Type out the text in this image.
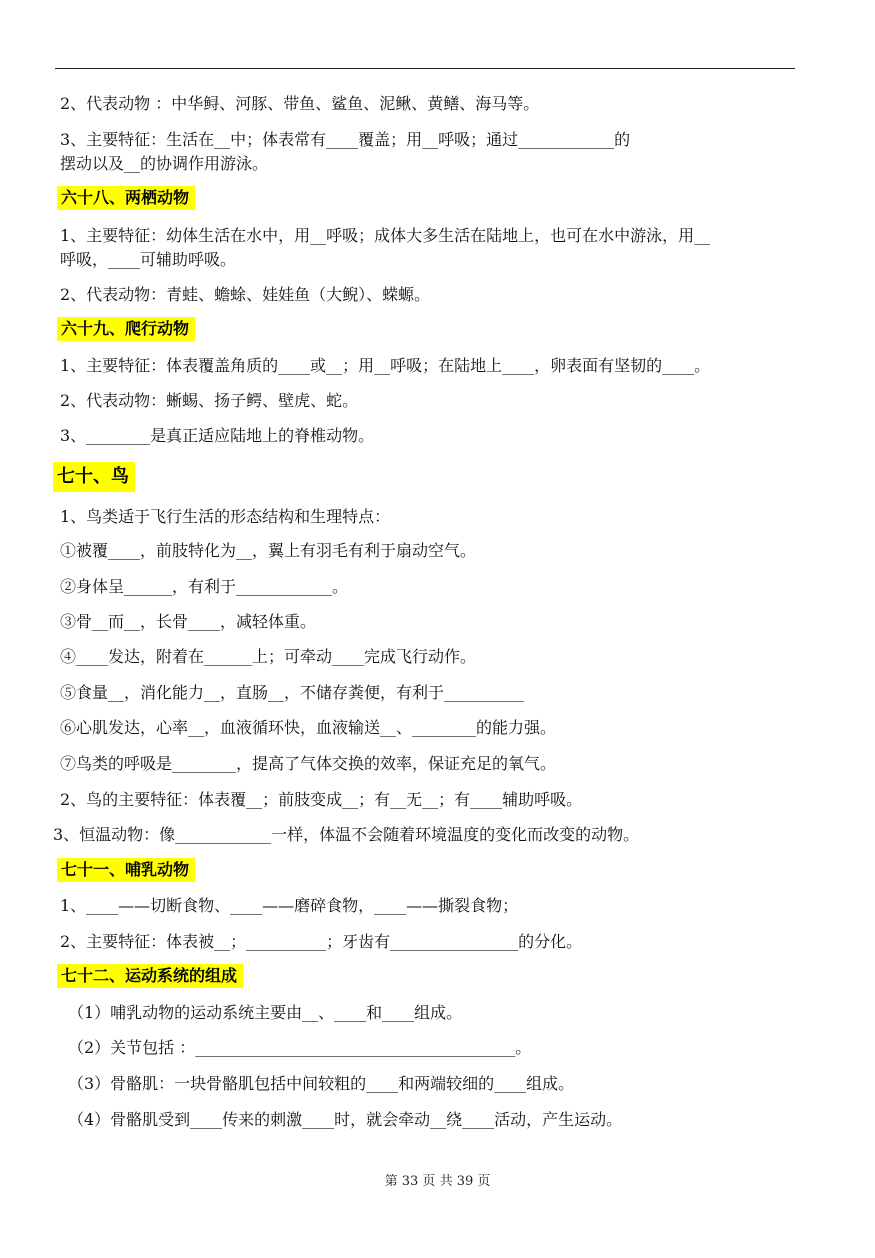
2、代表动物 ：中华鲟、河豚、带鱼、鲨鱼、泥鳅、黄鳝、海马等。
3、主要特征：生活在__中；体表常有____覆盖；用__呼吸；通过____________的
摆动以及__的协调作用游泳。
六十八、两栖动物
1、主要特征：幼体生活在水中，用__呼吸；成体大多生活在陆地上，也可在水中游泳，用__
呼吸，____可辅助呼吸。
2、代表动物：青蛙、蟾蜍、娃娃鱼（大鲵）、蝾螈。
六十九、爬行动物
1、主要特征：体表覆盖角质的____或__；用__呼吸；在陆地上____，卵表面有坚韧的____。
2、代表动物：蜥蜴、扬子鳄、壁虎、蛇。
3、________是真正适应陆地上的脊椎动物。
七十、鸟
1、鸟类适于飞行生活的形态结构和生理特点：
①被覆____，前肢特化为__，翼上有羽毛有利于扇动空气。
②身体呈______，有利于____________。
③骨__而__，长骨____，减轻体重。
④____发达，附着在______上；可牵动____完成飞行动作。
⑤食量__，消化能力__，直肠__，不储存粪便，有利于__________
⑥心肌发达，心率__，血液循环快，血液输送__、________的能力强。
⑦鸟类的呼吸是________，提高了气体交换的效率，保证充足的氧气。
2、鸟的主要特征：体表覆__；前肢变成__；有__无__；有____辅助呼吸。
3、恒温动物：像____________一样，体温不会随着环境温度的变化而改变的动物。
七十一、哺乳动物
1、____——切断食物、____——磨碎食物，____——撕裂食物；
2、主要特征：体表被__；__________；牙齿有________________的分化。
七十二、运动系统的组成
（1）哺乳动物的运动系统主要由__、____和____组成。
（2）关节包括 ：________________________________________。
（3）骨骼肌：一块骨骼肌包括中间较粗的____和两端较细的____组成。
（4）骨骼肌受到____传来的刺激____时，就会牵动__绕____活动，产生运动。
第 33 页 共 39 页
